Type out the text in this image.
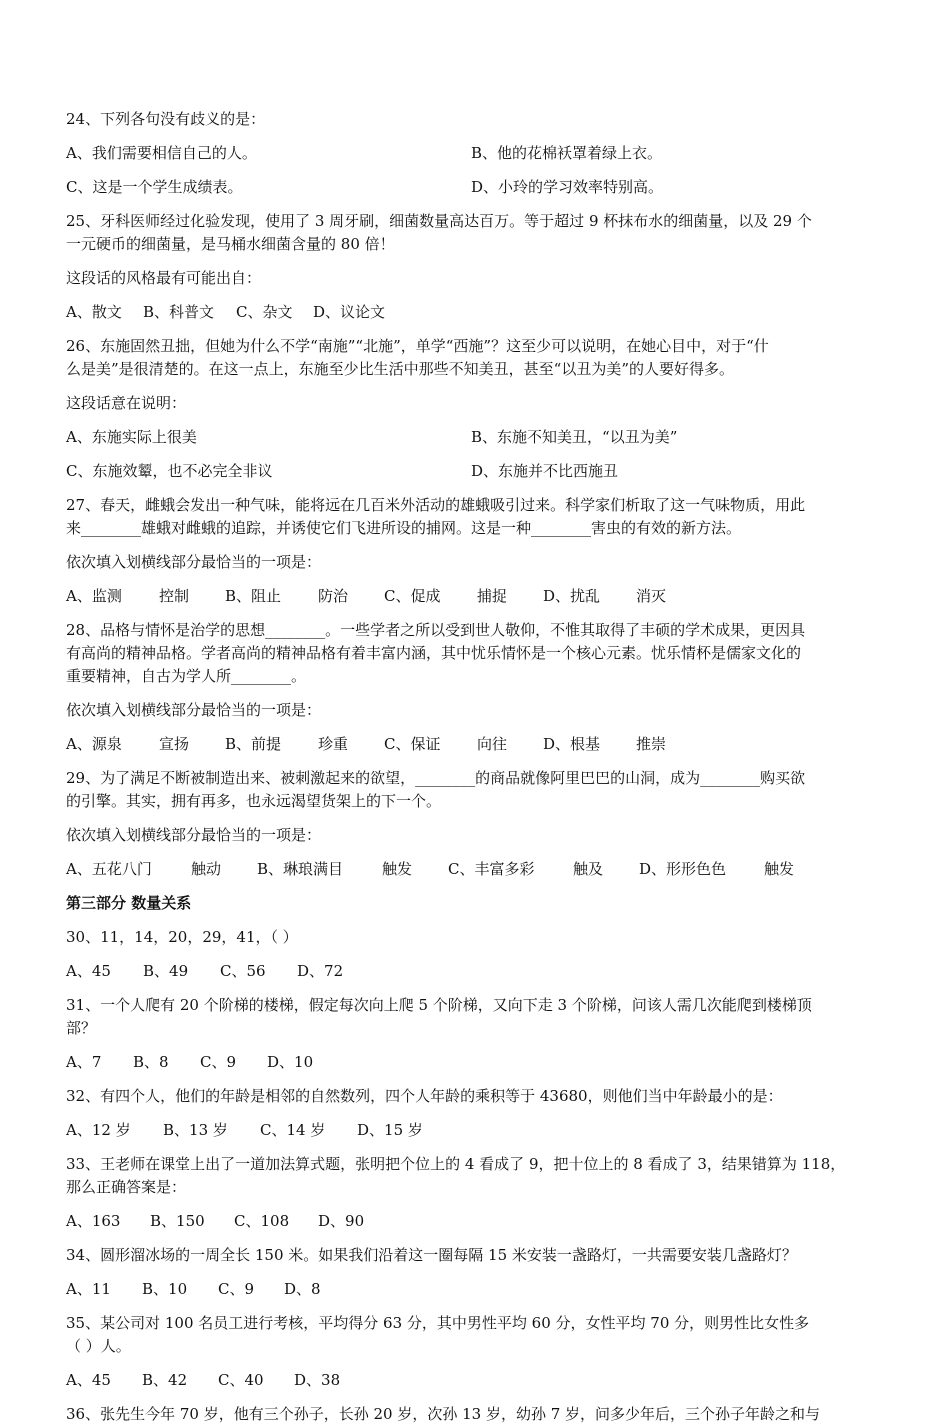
24、下列各句没有歧义的是：
A、我们需要相信自己的人。	B、他的花棉袄罩着绿上衣。
C、这是一个学生成绩表。	D、小玲的学习效率特别高。
25、牙科医师经过化验发现，使用了 3 周牙刷，细菌数量高达百万。等于超过 9 杯抹布水的细菌量，以及 29 个
一元硬币的细菌量，是马桶水细菌含量的 80 倍！
这段话的风格最有可能出自：
A、散文 B、科普文 C、杂文 D、议论文
26、东施固然丑拙，但她为什么不学“南施”“北施”，单学“西施”？这至少可以说明，在她心目中，对于“什
么是美”是很清楚的。在这一点上，东施至少比生活中那些不知美丑，甚至“以丑为美”的人要好得多。
这段话意在说明：
A、东施实际上很美	B、东施不知美丑，“以丑为美”
C、东施效颦，也不必完全非议	D、东施并不比西施丑
27、春天，雌蛾会发出一种气味，能将远在几百米外活动的雄蛾吸引过来。科学家们析取了这一气味物质，用此
来________雄蛾对雌蛾的追踪，并诱使它们飞进所设的捕网。这是一种________害虫的有效的新方法。
依次填入划横线部分最恰当的一项是：
A、监测 控制 B、阻止 防治 C、促成 捕捉 D、扰乱 消灭
28、品格与情怀是治学的思想________。一些学者之所以受到世人敬仰，不惟其取得了丰硕的学术成果，更因具
有高尚的精神品格。学者高尚的精神品格有着丰富内涵，其中忧乐情怀是一个核心元素。忧乐情杯是儒家文化的
重要精神，自古为学人所________。
依次填入划横线部分最恰当的一项是：
A、源泉 宣扬 B、前提 珍重 C、保证 向往 D、根基 推崇
29、为了满足不断被制造出来、被刺激起来的欲望，________的商品就像阿里巴巴的山洞，成为________购买欲
的引擎。其实，拥有再多，也永远渴望货架上的下一个。
依次填入划横线部分最恰当的一项是：
A、五花八门	触动 B、琳琅满目	触发 C、丰富多彩	触及 D、形形色色	触发
第三部分 数量关系
30、11，14，20，29，41，（ ）
A、45 B、49 C、56 D、72
31、一个人爬有 20 个阶梯的楼梯，假定每次向上爬 5 个阶梯，又向下走 3 个阶梯，问该人需几次能爬到楼梯顶
部？
A、7 B、8 C、9 D、10
32、有四个人，他们的年龄是相邻的自然数列，四个人年龄的乘积等于 43680，则他们当中年龄最小的是：
A、12 岁 B、13 岁 C、14 岁 D、15 岁
33、王老师在课堂上出了一道加法算式题，张明把个位上的 4 看成了 9，把十位上的 8 看成了 3，结果错算为 118，
那么正确答案是：
A、163 B、150 C、108 D、90
34、圆形溜冰场的一周全长 150 米。如果我们沿着这一圈每隔 15 米安装一盏路灯，一共需要安装几盏路灯？
A、11 B、10 C、9 D、8
35、某公司对 100 名员工进行考核，平均得分 63 分，其中男性平均 60 分，女性平均 70 分，则男性比女性多
（ ）人。
A、45 B、42 C、40 D、38
36、张先生今年 70 岁，他有三个孙子，长孙 20 岁，次孙 13 岁，幼孙 7 岁，问多少年后，三个孙子年龄之和与
